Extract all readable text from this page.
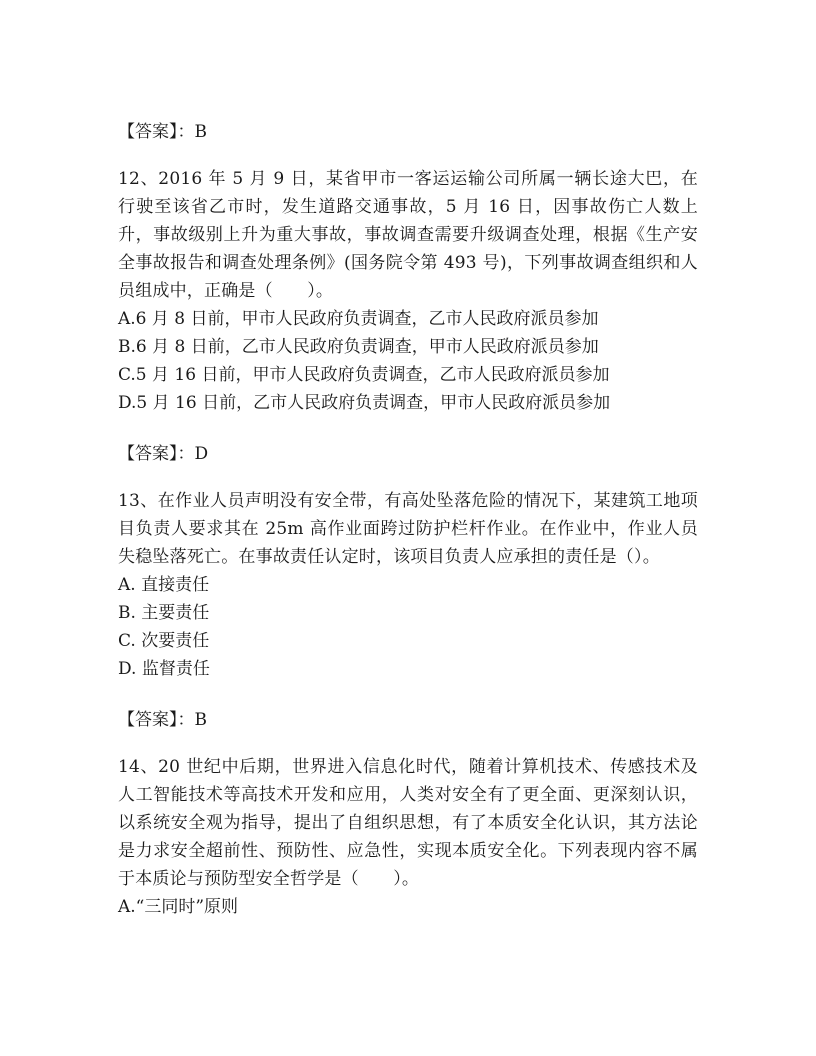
【答案】：B
12、2016 年 5 月 9 日，某省甲市一客运运输公司所属一辆长途大巴，在行驶至该省乙市时，发生道路交通事故，5 月 16 日，因事故伤亡人数上升，事故级别上升为重大事故，事故调查需要升级调查处理，根据《生产安全事故报告和调查处理条例》(国务院令第 493 号)，下列事故调查组织和人员组成中，正确是（　　）。
A.6 月 8 日前，甲市人民政府负责调查，乙市人民政府派员参加
B.6 月 8 日前，乙市人民政府负责调查，甲市人民政府派员参加
C.5 月 16 日前，甲市人民政府负责调查，乙市人民政府派员参加
D.5 月 16 日前，乙市人民政府负责调查，甲市人民政府派员参加
【答案】：D
13、在作业人员声明没有安全带，有高处坠落危险的情况下，某建筑工地项目负责人要求其在 25m 高作业面跨过防护栏杆作业。在作业中，作业人员失稳坠落死亡。在事故责任认定时，该项目负责人应承担的责任是（）。
A. 直接责任
B. 主要责任
C. 次要责任
D. 监督责任
【答案】：B
14、20 世纪中后期，世界进入信息化时代，随着计算机技术、传感技术及人工智能技术等高技术开发和应用，人类对安全有了更全面、更深刻认识，以系统安全观为指导，提出了自组织思想，有了本质安全化认识，其方法论是力求安全超前性、预防性、应急性，实现本质安全化。下列表现内容不属于本质论与预防型安全哲学是（　　）。
A.“三同时”原则
